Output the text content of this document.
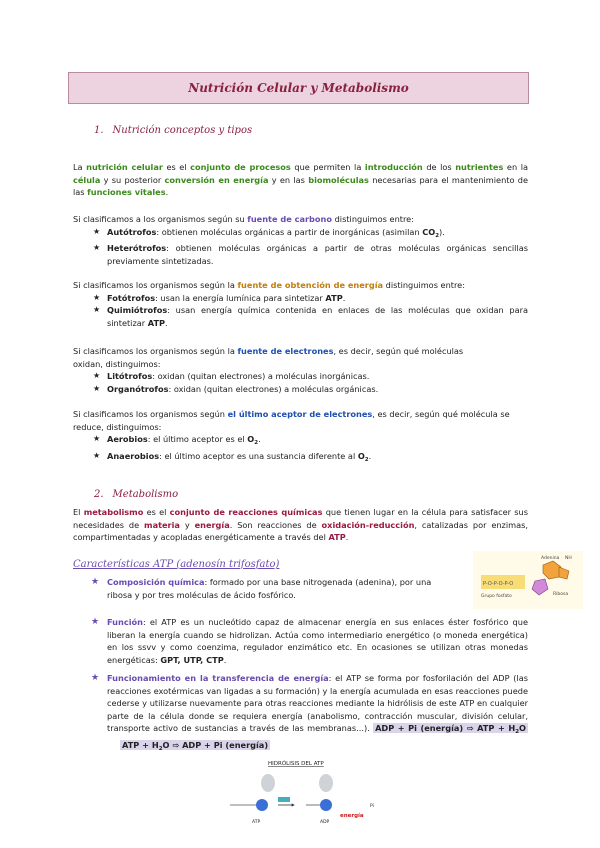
Nutrición Celular y Metabolismo
1. Nutrición conceptos y tipos
La nutrición celular es el conjunto de procesos que permiten la introducción de los nutrientes en la célula y su posterior conversión en energía y en las biomoléculas necesarias para el mantenimiento de las funciones vitales.
Si clasificamos a los organismos según su fuente de carbono distinguimos entre:
★ Autótrofos: obtienen moléculas orgánicas a partir de inorgánicas (asimilan $CO_2$).
★ Heterótrofos: obtienen moléculas orgánicas a partir de otras moléculas orgánicas sencillas previamente sintetizadas.
Si clasificamos los organismos según la fuente de obtención de energía distinguimos entre:
★ Fotótrofos: usan la energía lumínica para sintetizar ATP.
★ Quimiótrofos: usan energía química contenida en enlaces de las moléculas que oxidan para sintetizar ATP.
Si clasificamos los organismos según la fuente de electrones, es decir, según qué moléculas oxidan, distinguimos:
★ Litótrofos: oxidan (quitan electrones) a moléculas inorgánicas.
★ Organótrofos: oxidan (quitan electrones) a moléculas orgánicas.
Si clasificamos los organismos según el último aceptor de electrones, es decir, según qué molécula se reduce, distinguimos:
★ Aerobios: el último aceptor es el $O_2$.
★ Anaerobios: el último aceptor es una sustancia diferente al $O_2$.
2. Metabolismo
El metabolismo es el conjunto de reacciones químicas que tienen lugar en la célula para satisfacer sus necesidades de materia y energía. Son reacciones de oxidación-reducción, catalizadas por enzimas, compartimentadas y acopladas energéticamente a través del ATP.
Características ATP (adenosín trifosfato)
★ Composición química: formado por una base nitrogenada (adenina), por una ribosa y por tres moléculas de ácido fosfórico.
★ Función: el ATP es un nucleótido capaz de almacenar energía en sus enlaces éster fosfórico que liberan la energía cuando se hidrolizan. Actúa como intermediario energético (o moneda energética) en los ssvv y como coenzima, regulador enzimático etc. En ocasiones se utilizan otras monedas energéticas: GPT, UTP, CTP.
★ Funcionamiento en la transferencia de energía: el ATP se forma por fosforilación del ADP (las reacciones exotérmicas van ligadas a su formación) y la energía acumulada en esas reacciones puede cederse y utilizarse nuevamente para otras reacciones mediante la hidrólisis de este ATP en cualquier parte de la célula donde se requiera energía (anabolismo, contracción muscular, división celular, transporte activo de sustancias a través de las membranas...). ADP + Pi (energía) ⇨ ATP + $H_2O$      ATP + $H_2O$ ⇨ ADP + Pi (energía)
P-O-P-O-P-O
Adenina NH
Ribosa
Grupo fosfato
HIDRÓLISIS DEL ATP
ATP	ADP
energía
Pi
